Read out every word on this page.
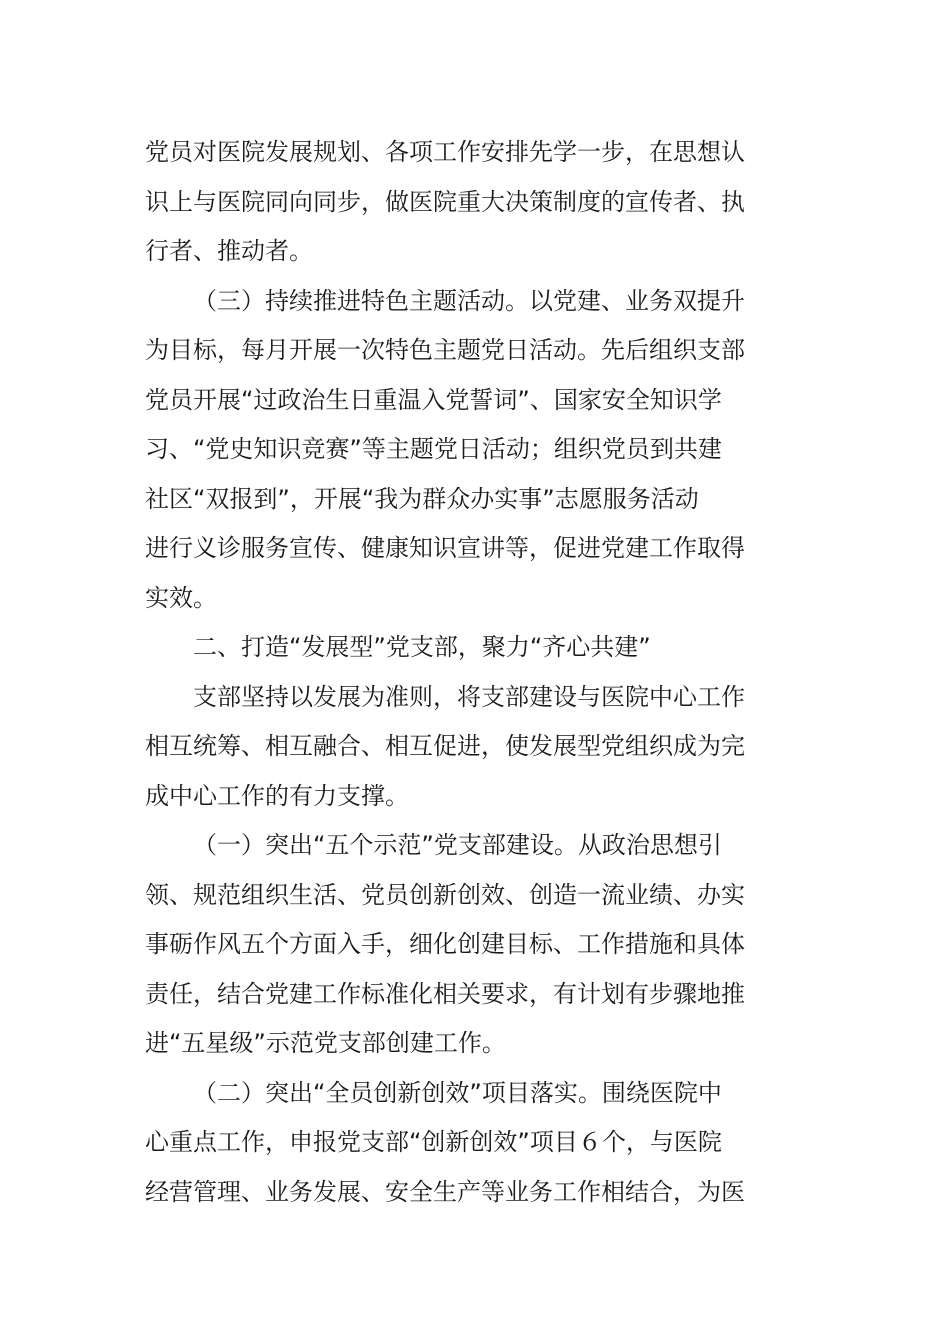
党员对医院发展规划、各项工作安排先学一步，在思想认
识上与医院同向同步，做医院重大决策制度的宣传者、执
行者、推动者。
（三）持续推进特色主题活动。以党建、业务双提升
为目标，每月开展一次特色主题党日活动。先后组织支部
党员开展“过政治生日重温入党誓词”、国家安全知识学
习、“党史知识竞赛”等主题党日活动；组织党员到共建
社区“双报到”，开展“我为群众办实事”志愿服务活动
进行义诊服务宣传、健康知识宣讲等，促进党建工作取得
实效。
二、打造“发展型”党支部，聚力“齐心共建”
支部坚持以发展为准则，将支部建设与医院中心工作
相互统筹、相互融合、相互促进，使发展型党组织成为完
成中心工作的有力支撑。
（一）突出“五个示范”党支部建设。从政治思想引
领、规范组织生活、党员创新创效、创造一流业绩、办实
事砺作风五个方面入手，细化创建目标、工作措施和具体
责任，结合党建工作标准化相关要求，有计划有步骤地推
进“五星级”示范党支部创建工作。
（二）突出“全员创新创效”项目落实。围绕医院中
心重点工作，申报党支部“创新创效”项目６个，与医院
经营管理、业务发展、安全生产等业务工作相结合，为医
